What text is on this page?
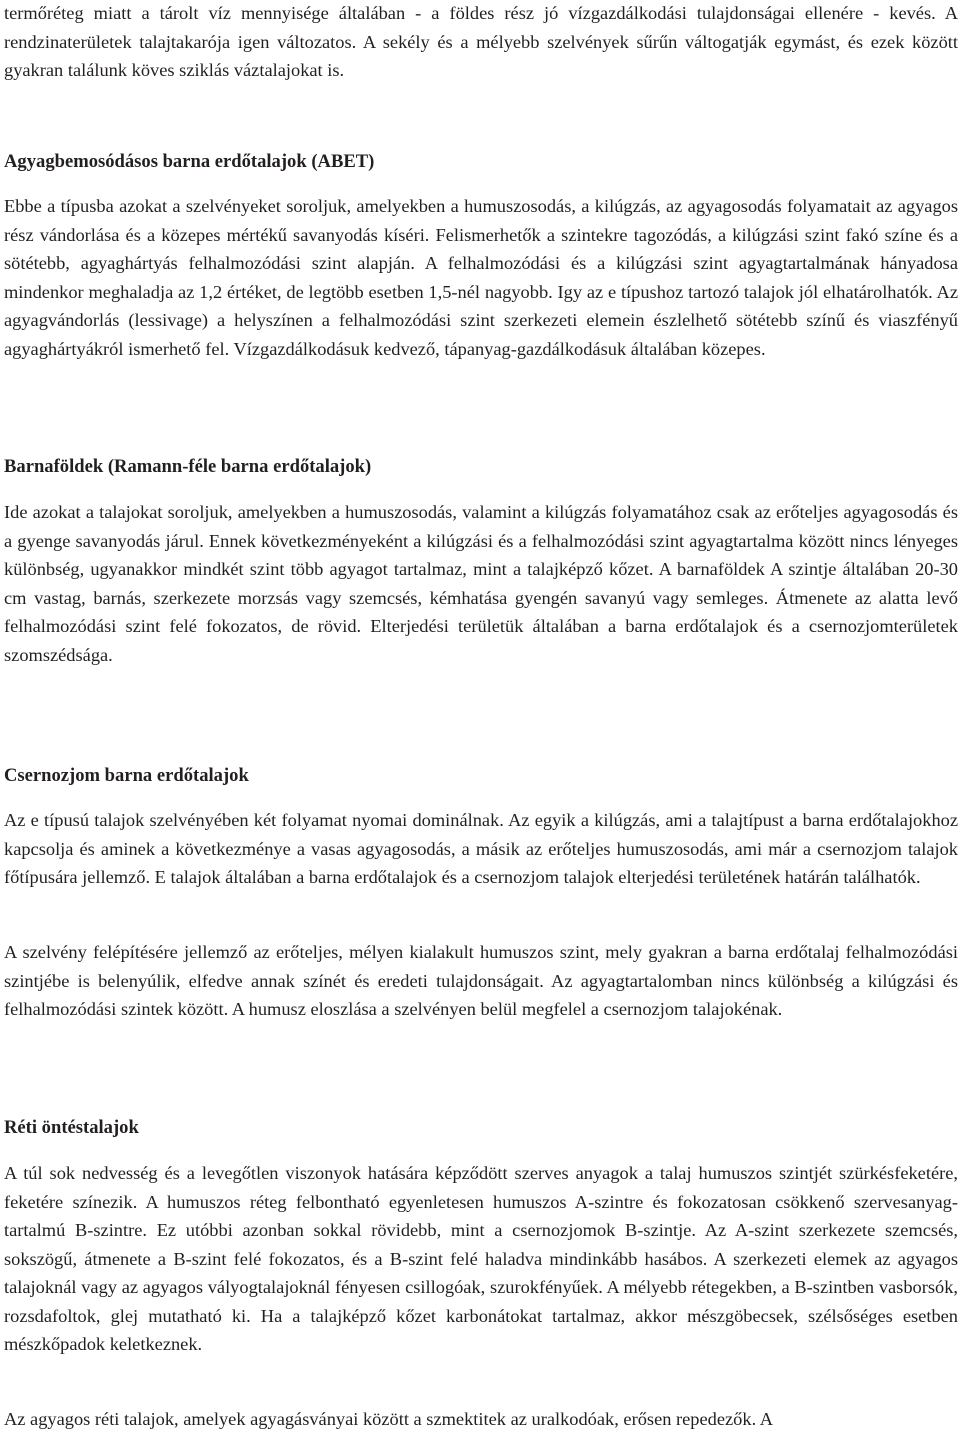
termőréteg miatt a tárolt víz mennyisége általában - a földes rész jó vízgazdálkodási tulajdonságai ellenére - kevés. A rendzinaterületek talajtakarója igen változatos. A sekély és a mélyebb szelvények sűrűn váltogatják egymást, és ezek között gyakran találunk köves sziklás váztalajokat is.

Agyagbemosódásos barna erdőtalajok (ABET)

Ebbe a típusba azokat a szelvényeket soroljuk, amelyekben a humuszosodás, a kilúgzás, az agyagosodás folyamatait az agyagos rész vándorlása és a közepes mértékű savanyodás kíséri. Felismerhetők a szintekre tagozódás, a kilúgzási szint fakó színe és a sötétebb, agyaghártyás felhalmozódási szint alapján. A felhalmozódási és a kilúgzási szint agyagtartalmának hányadosa mindenkor meghaladja az 1,2 értéket, de legtöbb esetben 1,5-nél nagyobb. Igy az e típushoz tartozó talajok jól elhatárolhatók. Az agyagvándorlás (lessivage) a helyszínen a felhalmozódási szint szerkezeti elemein észlelhető sötétebb színű és viaszfényű agyaghártyákról ismerhető fel. Vízgazdálkodásuk kedvező, tápanyag-gazdálkodásuk általában közepes.

Barnaföldek (Ramann-féle barna erdőtalajok)

Ide azokat a talajokat soroljuk, amelyekben a humuszosodás, valamint a kilúgzás folyamatához csak az erőteljes agyagosodás és a gyenge savanyodás járul. Ennek következményeként a kilúgzási és a felhalmozódási szint agyagtartalma között nincs lényeges különbség, ugyanakkor mindkét szint több agyagot tartalmaz, mint a talajképző kőzet. A barnaföldek A szintje általában 20-30 cm vastag, barnás, szerkezete morzsás vagy szemcsés, kémhatása gyengén savanyú vagy semleges. Átmenete az alatta levő felhalmozódási szint felé fokozatos, de rövid. Elterjedési területük általában a barna erdőtalajok és a csernozjomterületek szomszédsága.

Csernozjom barna erdőtalajok

Az e típusú talajok szelvényében két folyamat nyomai dominálnak. Az egyik a kilúgzás, ami a talajtípust a barna erdőtalajokhoz kapcsolja és aminek a következménye a vasas agyagosodás, a másik az erőteljes humuszosodás, ami már a csernozjom talajok főtípusára jellemző. E talajok általában a barna erdőtalajok és a csernozjom talajok elterjedési területének határán találhatók.

A szelvény felépítésére jellemző az erőteljes, mélyen kialakult humuszos szint, mely gyakran a barna erdőtalaj felhalmozódási szintjébe is belenyúlik, elfedve annak színét és eredeti tulajdonságait. Az agyagtartalomban nincs különbség a kilúgzási és felhalmozódási szintek között. A humusz eloszlása a szelvényen belül megfelel a csernozjom talajokénak.

Réti öntéstalajok

A túl sok nedvesség és a levegőtlen viszonyok hatására képződött szerves anyagok a talaj humuszos szintjét szürkésfeketére, feketére színezik. A humuszos réteg felbontható egyenletesen humuszos A-szintre és fokozatosan csökkenő szervesanyag-tartalmú B-szintre. Ez utóbbi azonban sokkal rövidebb, mint a csernozjomok B-szintje. Az A-szint szerkezete szemcsés, sokszögű, átmenete a B-szint felé fokozatos, és a B-szint felé haladva mindinkább hasábos. A szerkezeti elemek az agyagos talajoknál vagy az agyagos vályogtalajoknál fényesen csillogóak, szurokfényűek. A mélyebb rétegekben, a B-szintben vasborsók, rozsdafoltok, glej mutatható ki. Ha a talajképző kőzet karbonátokat tartalmaz, akkor mészgöbecsek, szélsőséges esetben mészkőpadok keletkeznek.

Az agyagos réti talajok, amelyek agyagásványai között a szmektitek az uralkodóak, erősen repedezők. A
